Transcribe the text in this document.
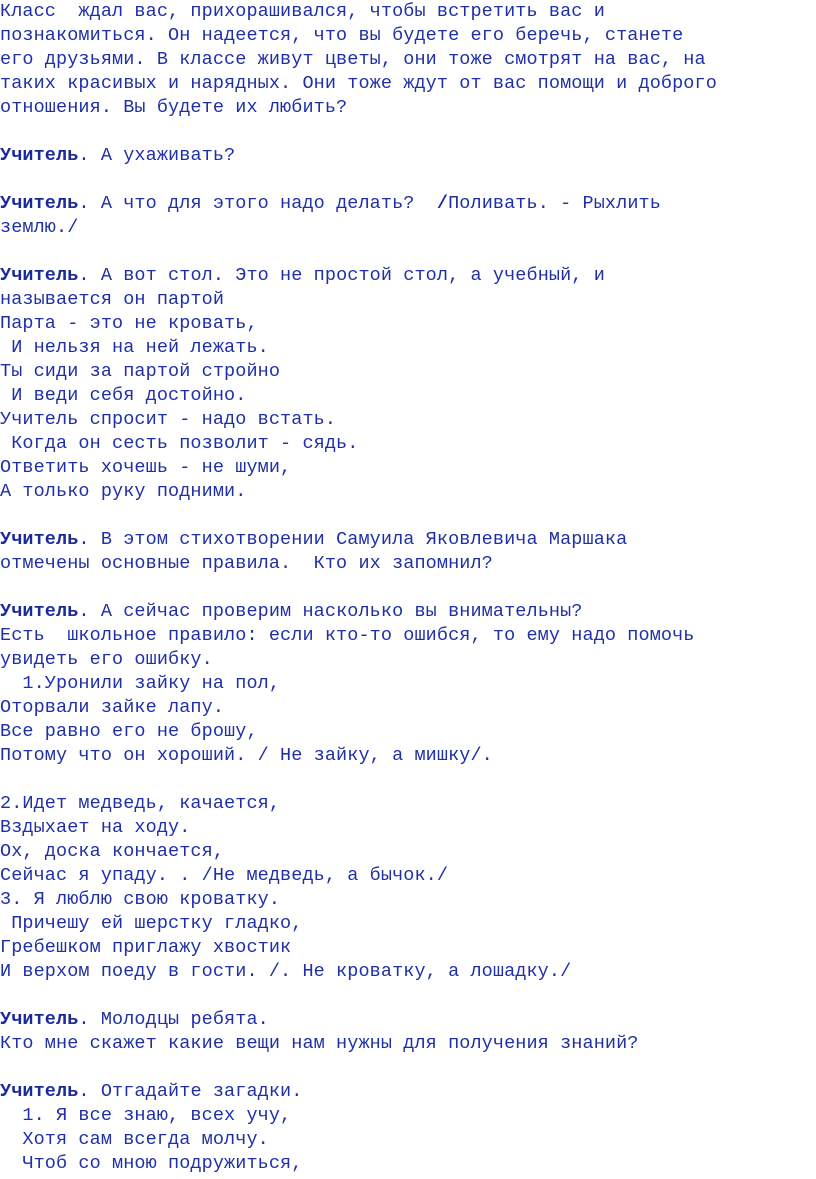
Класс  ждал вас, прихорашивался, чтобы встретить вас и
познакомиться. Он надеется, что вы будете его беречь, станете
его друзьями. В классе живут цветы, они тоже смотрят на вас, на
таких красивых и нарядных. Они тоже ждут от вас помощи и доброго
отношения. Вы будете их любить?
Учитель. А ухаживать?
Учитель. А что для этого надо делать?  /Поливать. - Рыхлить
землю./
Учитель. А вот стол. Это не простой стол, а учебный, и
называется он партой
Парта - это не кровать,
И нельзя на ней лежать.
Ты сиди за партой стройно
И веди себя достойно.
Учитель спросит - надо встать.
Когда он сесть позволит - сядь.
Ответить хочешь - не шуми,
А только руку подними.
Учитель. В этом стихотворении Самуила Яковлевича Маршака
отмечены основные правила.  Кто их запомнил?
Учитель. А сейчас проверим насколько вы внимательны?
Есть  школьное правило: если кто-то ошибся, то ему надо помочь
увидеть его ошибку.
1.Уронили зайку на пол,
Оторвали зайке лапу.
Все равно его не брошу,
Потому что он хороший. / Не зайку, а мишку/.
2.Идет медведь, качается,
Вздыхает на ходу.
Ох, доска кончается,
Сейчас я упаду. . /Не медведь, а бычок./
3. Я люблю свою кроватку.
Причешу ей шерстку гладко,
Гребешком приглажу хвостик
И верхом поеду в гости. /. Не кроватку, а лошадку./
Учитель. Молодцы ребята.
Кто мне скажет какие вещи нам нужны для получения знаний?
Учитель. Отгадайте загадки.
1. Я все знаю, всех учу,
Хотя сам всегда молчу.
Чтоб со мною подружиться,
